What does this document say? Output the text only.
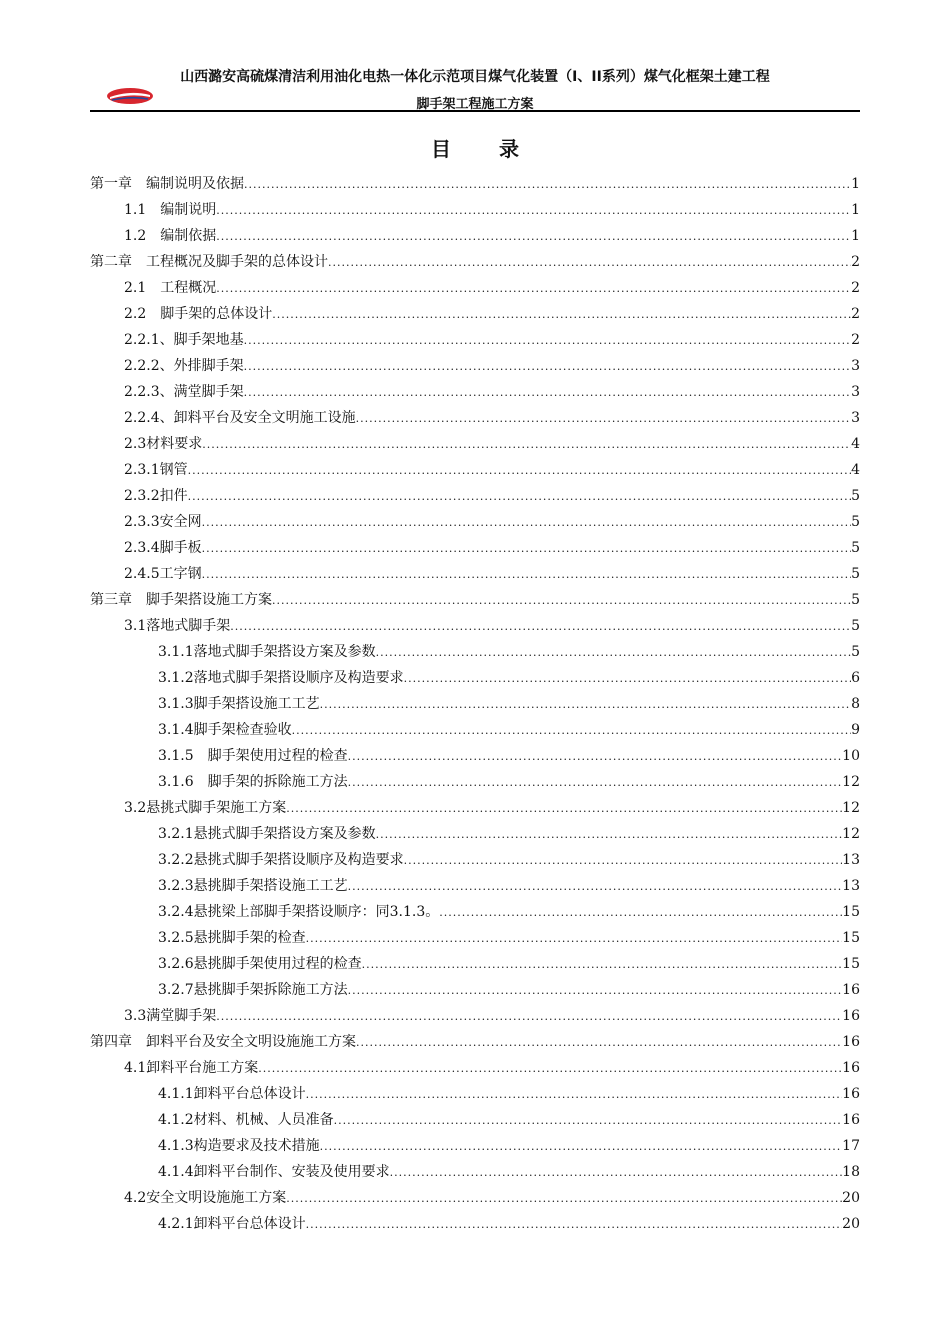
山西潞安高硫煤清洁利用油化电热一体化示范项目煤气化装置（I、II系列）煤气化框架土建工程
脚手架工程施工方案
目录
第一章　编制说明及依据 .....	1
1.1　编制说明 .....	1
1.2　编制依据 .....	1
第二章　工程概况及脚手架的总体设计 .....	2
2.1　工程概况 .....	2
2.2　脚手架的总体设计 .....	2
2.2.1、脚手架地基 .....	2
2.2.2、外排脚手架 .....	3
2.2.3、满堂脚手架 .....	3
2.2.4、卸料平台及安全文明施工设施 .....	3
2.3材料要求 .....	4
2.3.1钢管 .....	4
2.3.2扣件 .....	5
2.3.3安全网 .....	5
2.3.4脚手板 .....	5
2.4.5工字钢 .....	5
第三章　脚手架搭设施工方案 .....	5
3.1落地式脚手架 .....	5
3.1.1落地式脚手架搭设方案及参数 .....	5
3.1.2落地式脚手架搭设顺序及构造要求 .....	6
3.1.3脚手架搭设施工工艺 .....	8
3.1.4脚手架检查验收 .....	9
3.1.5　脚手架使用过程的检查 .....	10
3.1.6　脚手架的拆除施工方法 .....	12
3.2悬挑式脚手架施工方案 .....	12
3.2.1悬挑式脚手架搭设方案及参数 .....	12
3.2.2悬挑式脚手架搭设顺序及构造要求 .....	13
3.2.3悬挑脚手架搭设施工工艺 .....	13
3.2.4悬挑梁上部脚手架搭设顺序：同3.1.3。 .....	15
3.2.5悬挑脚手架的检查 .....	15
3.2.6悬挑脚手架使用过程的检查 .....	15
3.2.7悬挑脚手架拆除施工方法 .....	16
3.3满堂脚手架 .....	16
第四章　卸料平台及安全文明设施施工方案 .....	16
4.1卸料平台施工方案 .....	16
4.1.1卸料平台总体设计 .....	16
4.1.2材料、机械、人员准备 .....	16
4.1.3构造要求及技术措施 .....	17
4.1.4卸料平台制作、安装及使用要求 .....	18
4.2安全文明设施施工方案 .....	20
4.2.1卸料平台总体设计 .....	20
